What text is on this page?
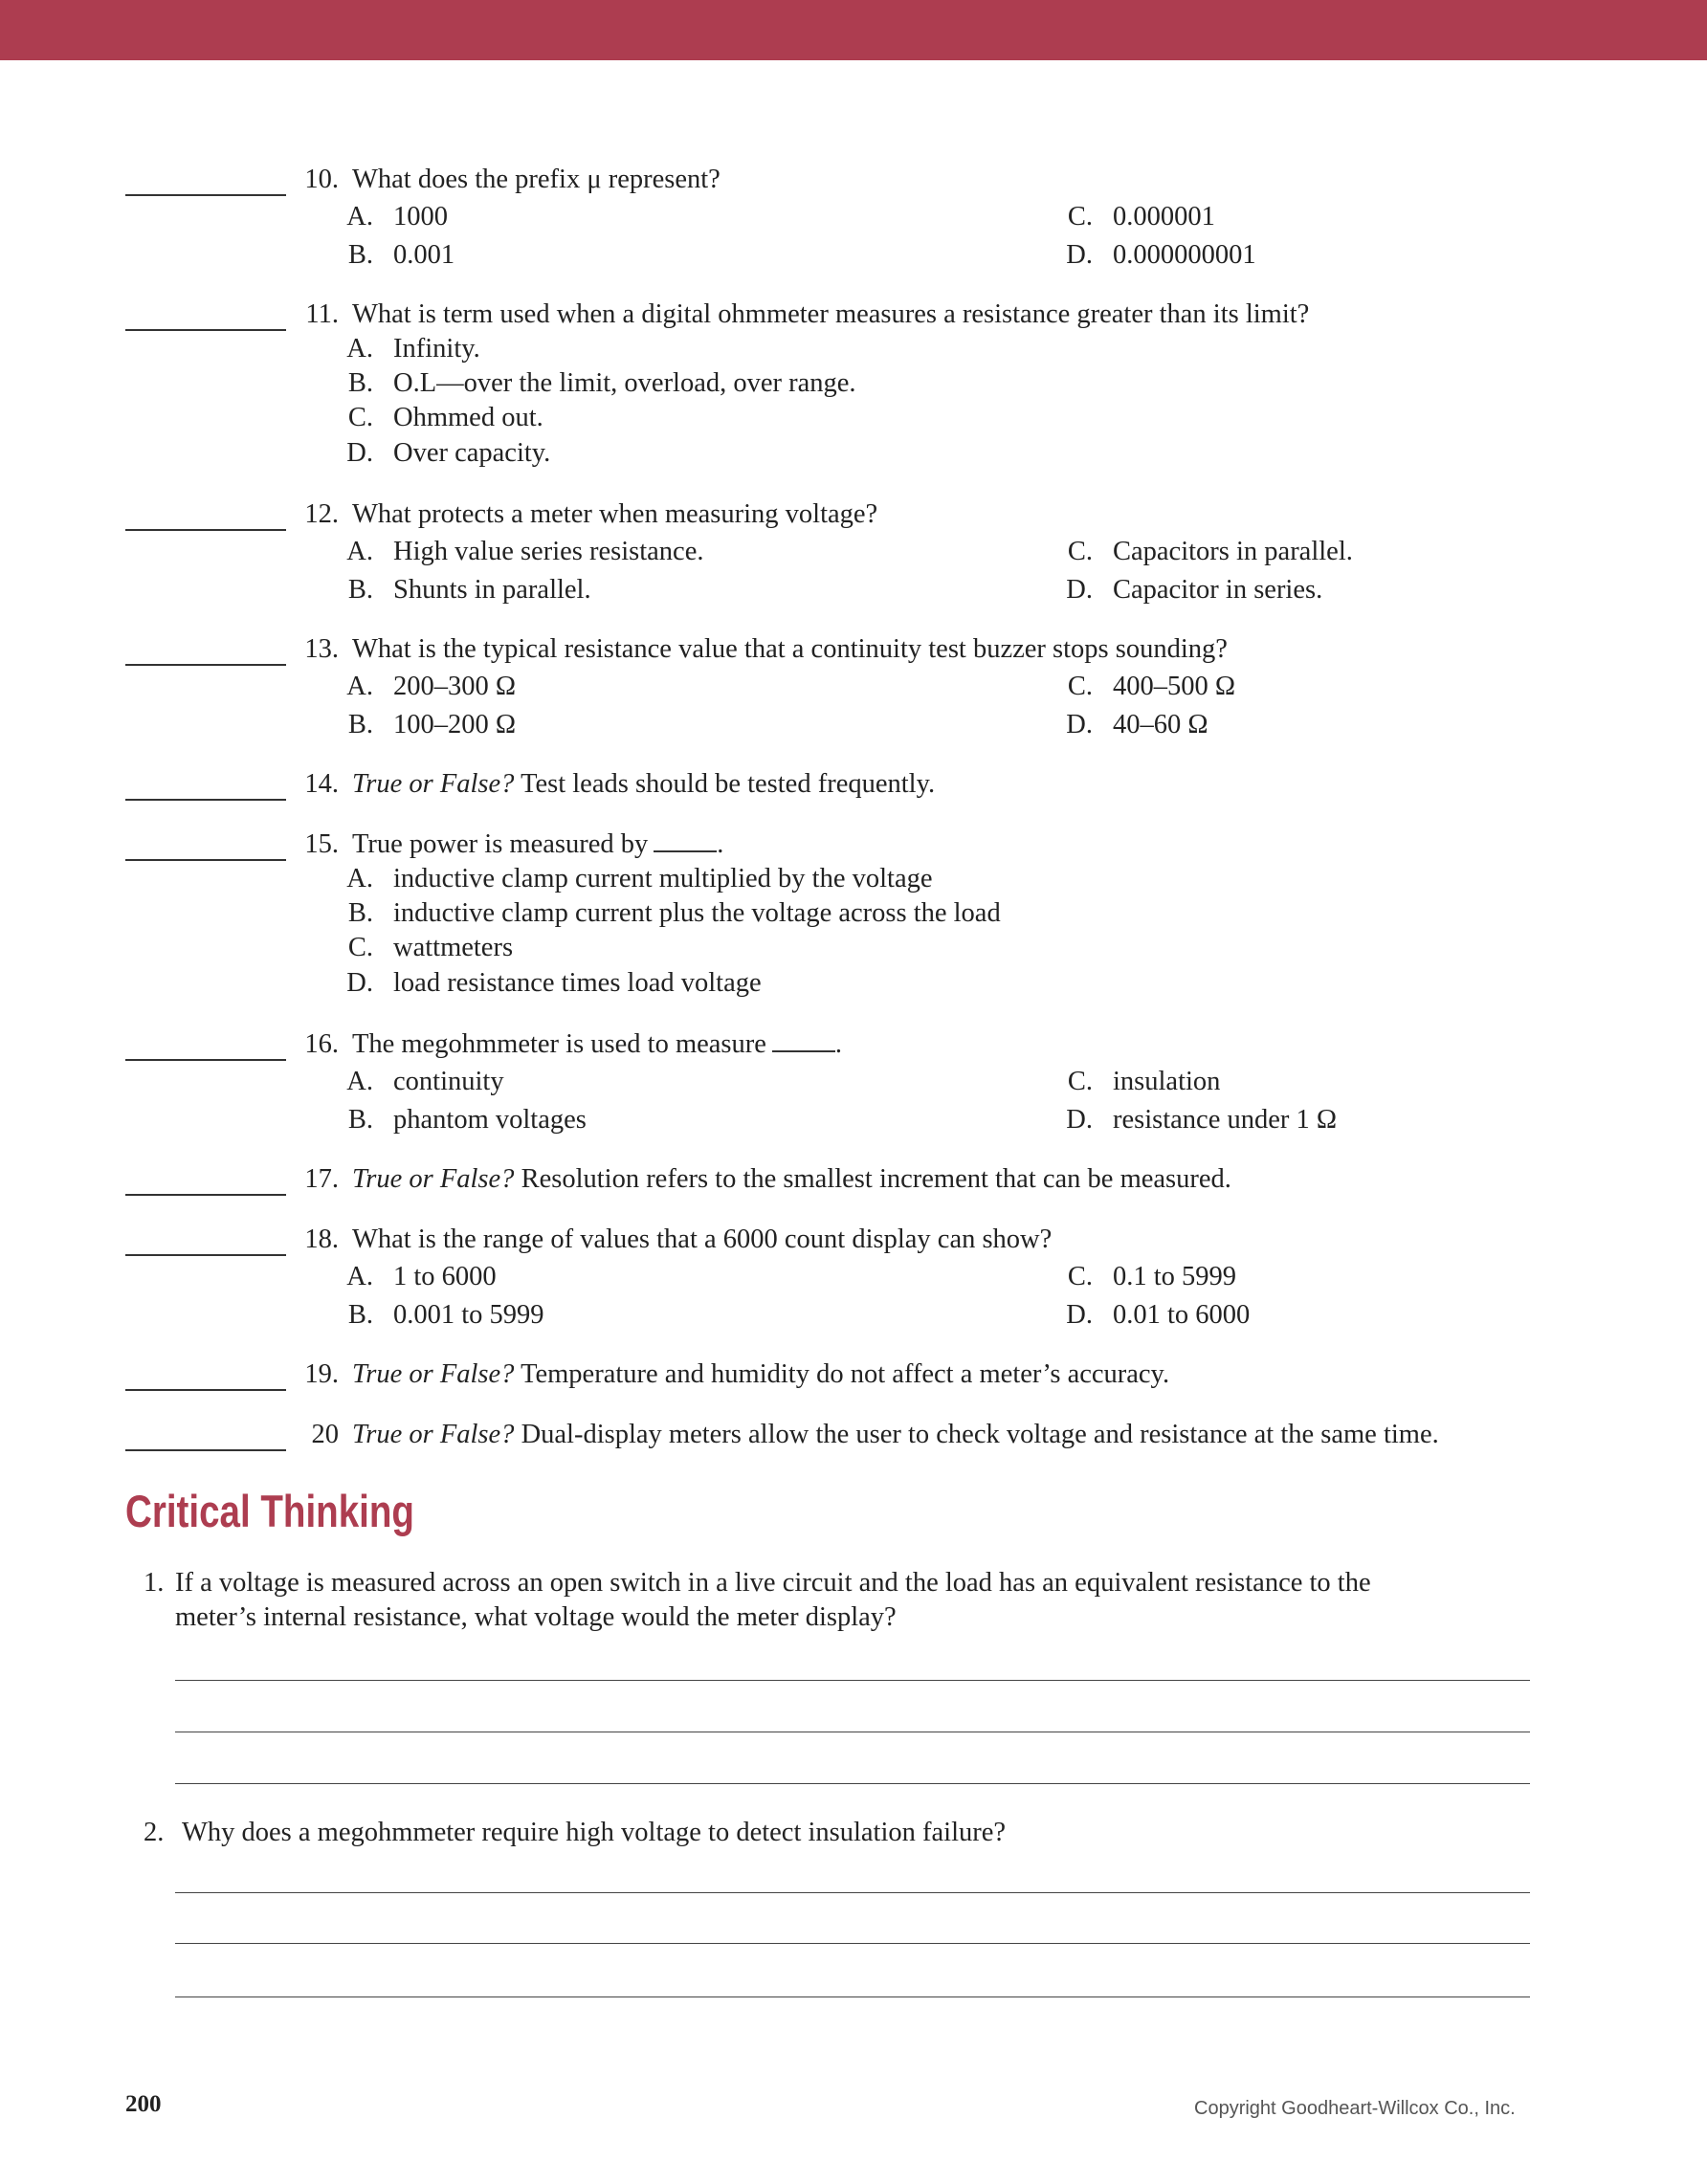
10. What does the prefix μ represent?
A. 1000
B. 0.001
C. 0.000001
D. 0.000000001
11. What is term used when a digital ohmmeter measures a resistance greater than its limit?
A. Infinity.
B. O.L—over the limit, overload, over range.
C. Ohmmed out.
D. Over capacity.
12. What protects a meter when measuring voltage?
A. High value series resistance.
B. Shunts in parallel.
C. Capacitors in parallel.
D. Capacitor in series.
13. What is the typical resistance value that a continuity test buzzer stops sounding?
A. 200–300 Ω
B. 100–200 Ω
C. 400–500 Ω
D. 40–60 Ω
14. True or False? Test leads should be tested frequently.
15. True power is measured by	.
A. inductive clamp current multiplied by the voltage
B. inductive clamp current plus the voltage across the load
C. wattmeters
D. load resistance times load voltage
16. The megohmmeter is used to measure	.
A. continuity
B. phantom voltages
C. insulation
D. resistance under 1 Ω
17. True or False? Resolution refers to the smallest increment that can be measured.
18. What is the range of values that a 6000 count display can show?
A. 1 to 6000
B. 0.001 to 5999
C. 0.1 to 5999
D. 0.01 to 6000
19. True or False? Temperature and humidity do not affect a meter’s accuracy.
20 True or False? Dual-display meters allow the user to check voltage and resistance at the same time.
Critical Thinking
1. If a voltage is measured across an open switch in a live circuit and the load has an equivalent resistance to the
meter’s internal resistance, what voltage would the meter display?
2. Why does a megohmmeter require high voltage to detect insulation failure?
200	Copyright Goodheart-Willcox Co., Inc.
